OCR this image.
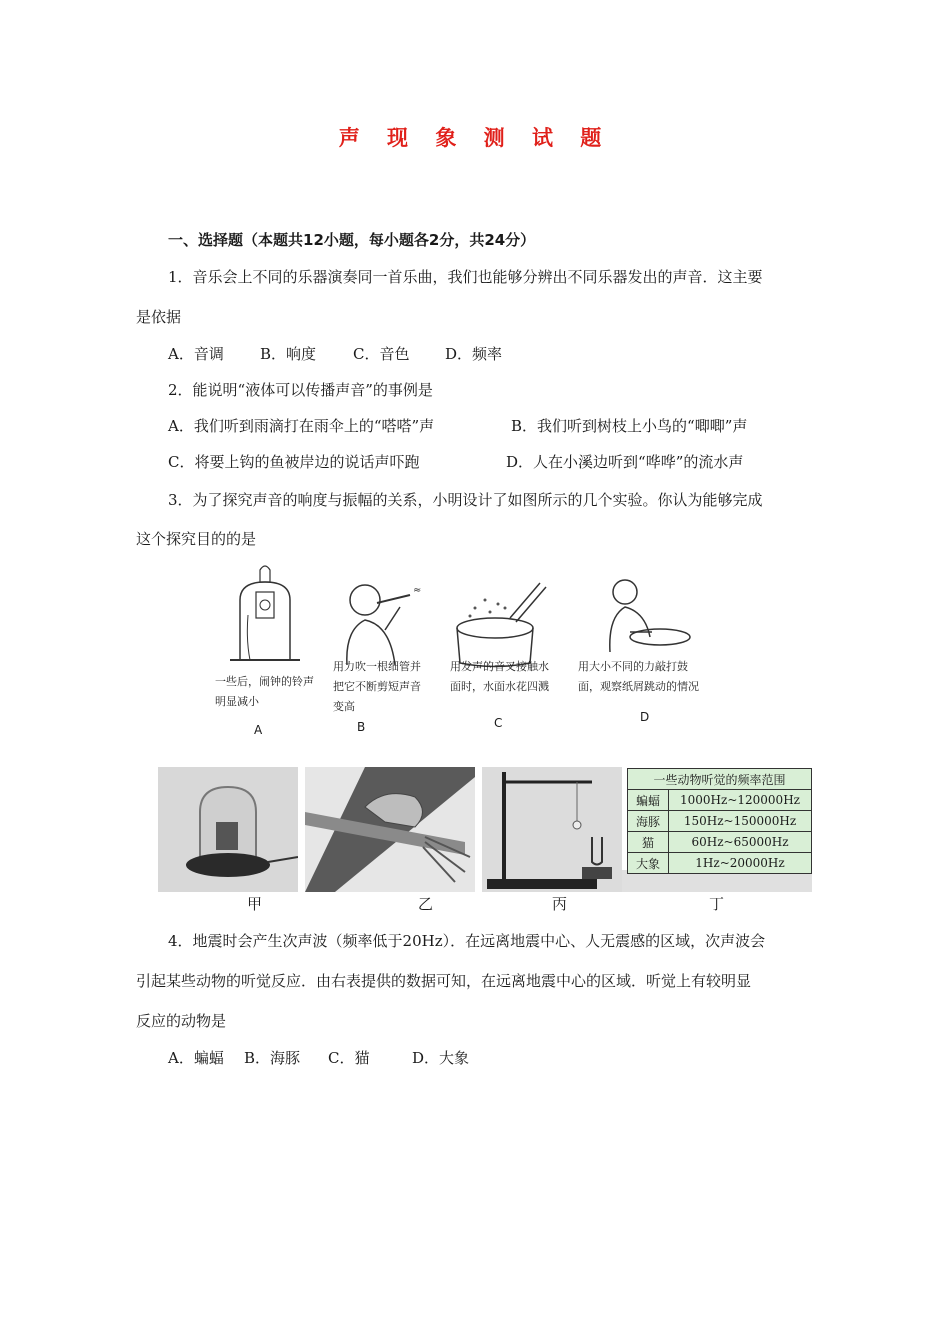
声 现 象 测 试 题
一、选择题（本题共12小题，每小题各2分，共24分）
1．音乐会上不同的乐器演奏同一首乐曲，我们也能够分辨出不同乐器发出的声音．这主要
是依据
A．音调 B．响度 C．音色 D．频率
2．能说明“液体可以传播声音”的事例是
A．我们听到雨滴打在雨伞上的“嗒嗒”声	B．我们听到树枝上小鸟的“唧唧”声
C．将要上钩的鱼被岸边的说话声吓跑	D．人在小溪边听到“哗哗”的流水声
3．为了探究声音的响度与振幅的关系，小明设计了如图所示的几个实验。你认为能够完成
这个探究目的的是
一些后，闹钟的铃声明显减小
A
≈
用力吹一根细管并把它不断剪短声音变高
B
用发声的音叉接触水面时，水面水花四溅
C
用大小不同的力敲打鼓面，观察纸屑跳动的情况
D
甲	乙	丙	丁
一些动物听觉的频率范围	
蝙蝠	1000Hz~120000Hz
海豚	150Hz~150000Hz
猫	60Hz~65000Hz
大象	1Hz~20000Hz
4．地震时会产生次声波（频率低于20Hz）．在远离地震中心、人无震感的区域，次声波会
引起某些动物的听觉反应．由右表提供的数据可知，在远离地震中心的区域．听觉上有较明显
反应的动物是
A．蝙蝠 B．海豚 C．猫	D．大象
